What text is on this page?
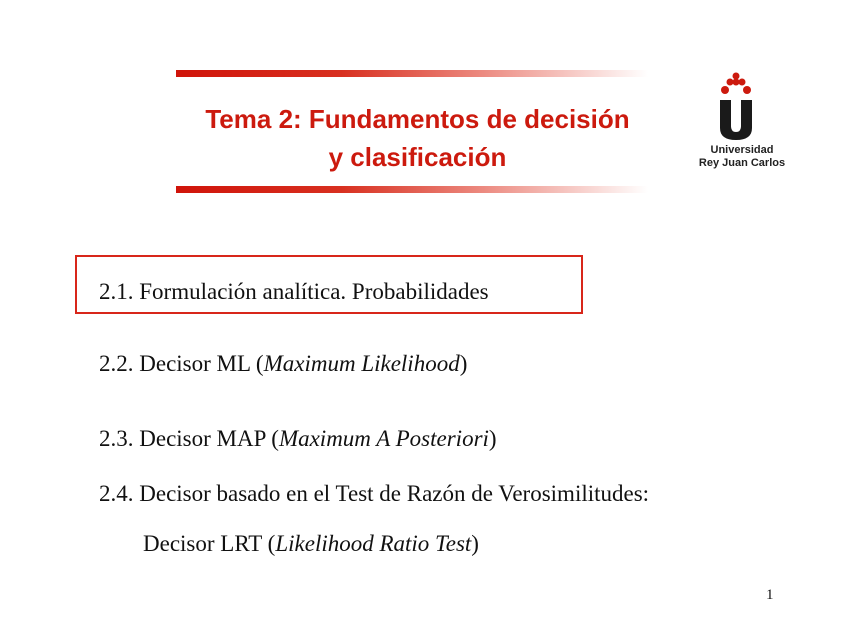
Tema 2: Fundamentos de decisión
y clasificación	Universidad
Rey Juan Carlos
2.1. Formulación analítica. Probabilidades
2.2. Decisor ML (Maximum Likelihood)
2.3. Decisor MAP (Maximum A Posteriori)
2.4. Decisor basado en el Test de Razón de Verosimilitudes:
Decisor LRT (Likelihood Ratio Test)
1
